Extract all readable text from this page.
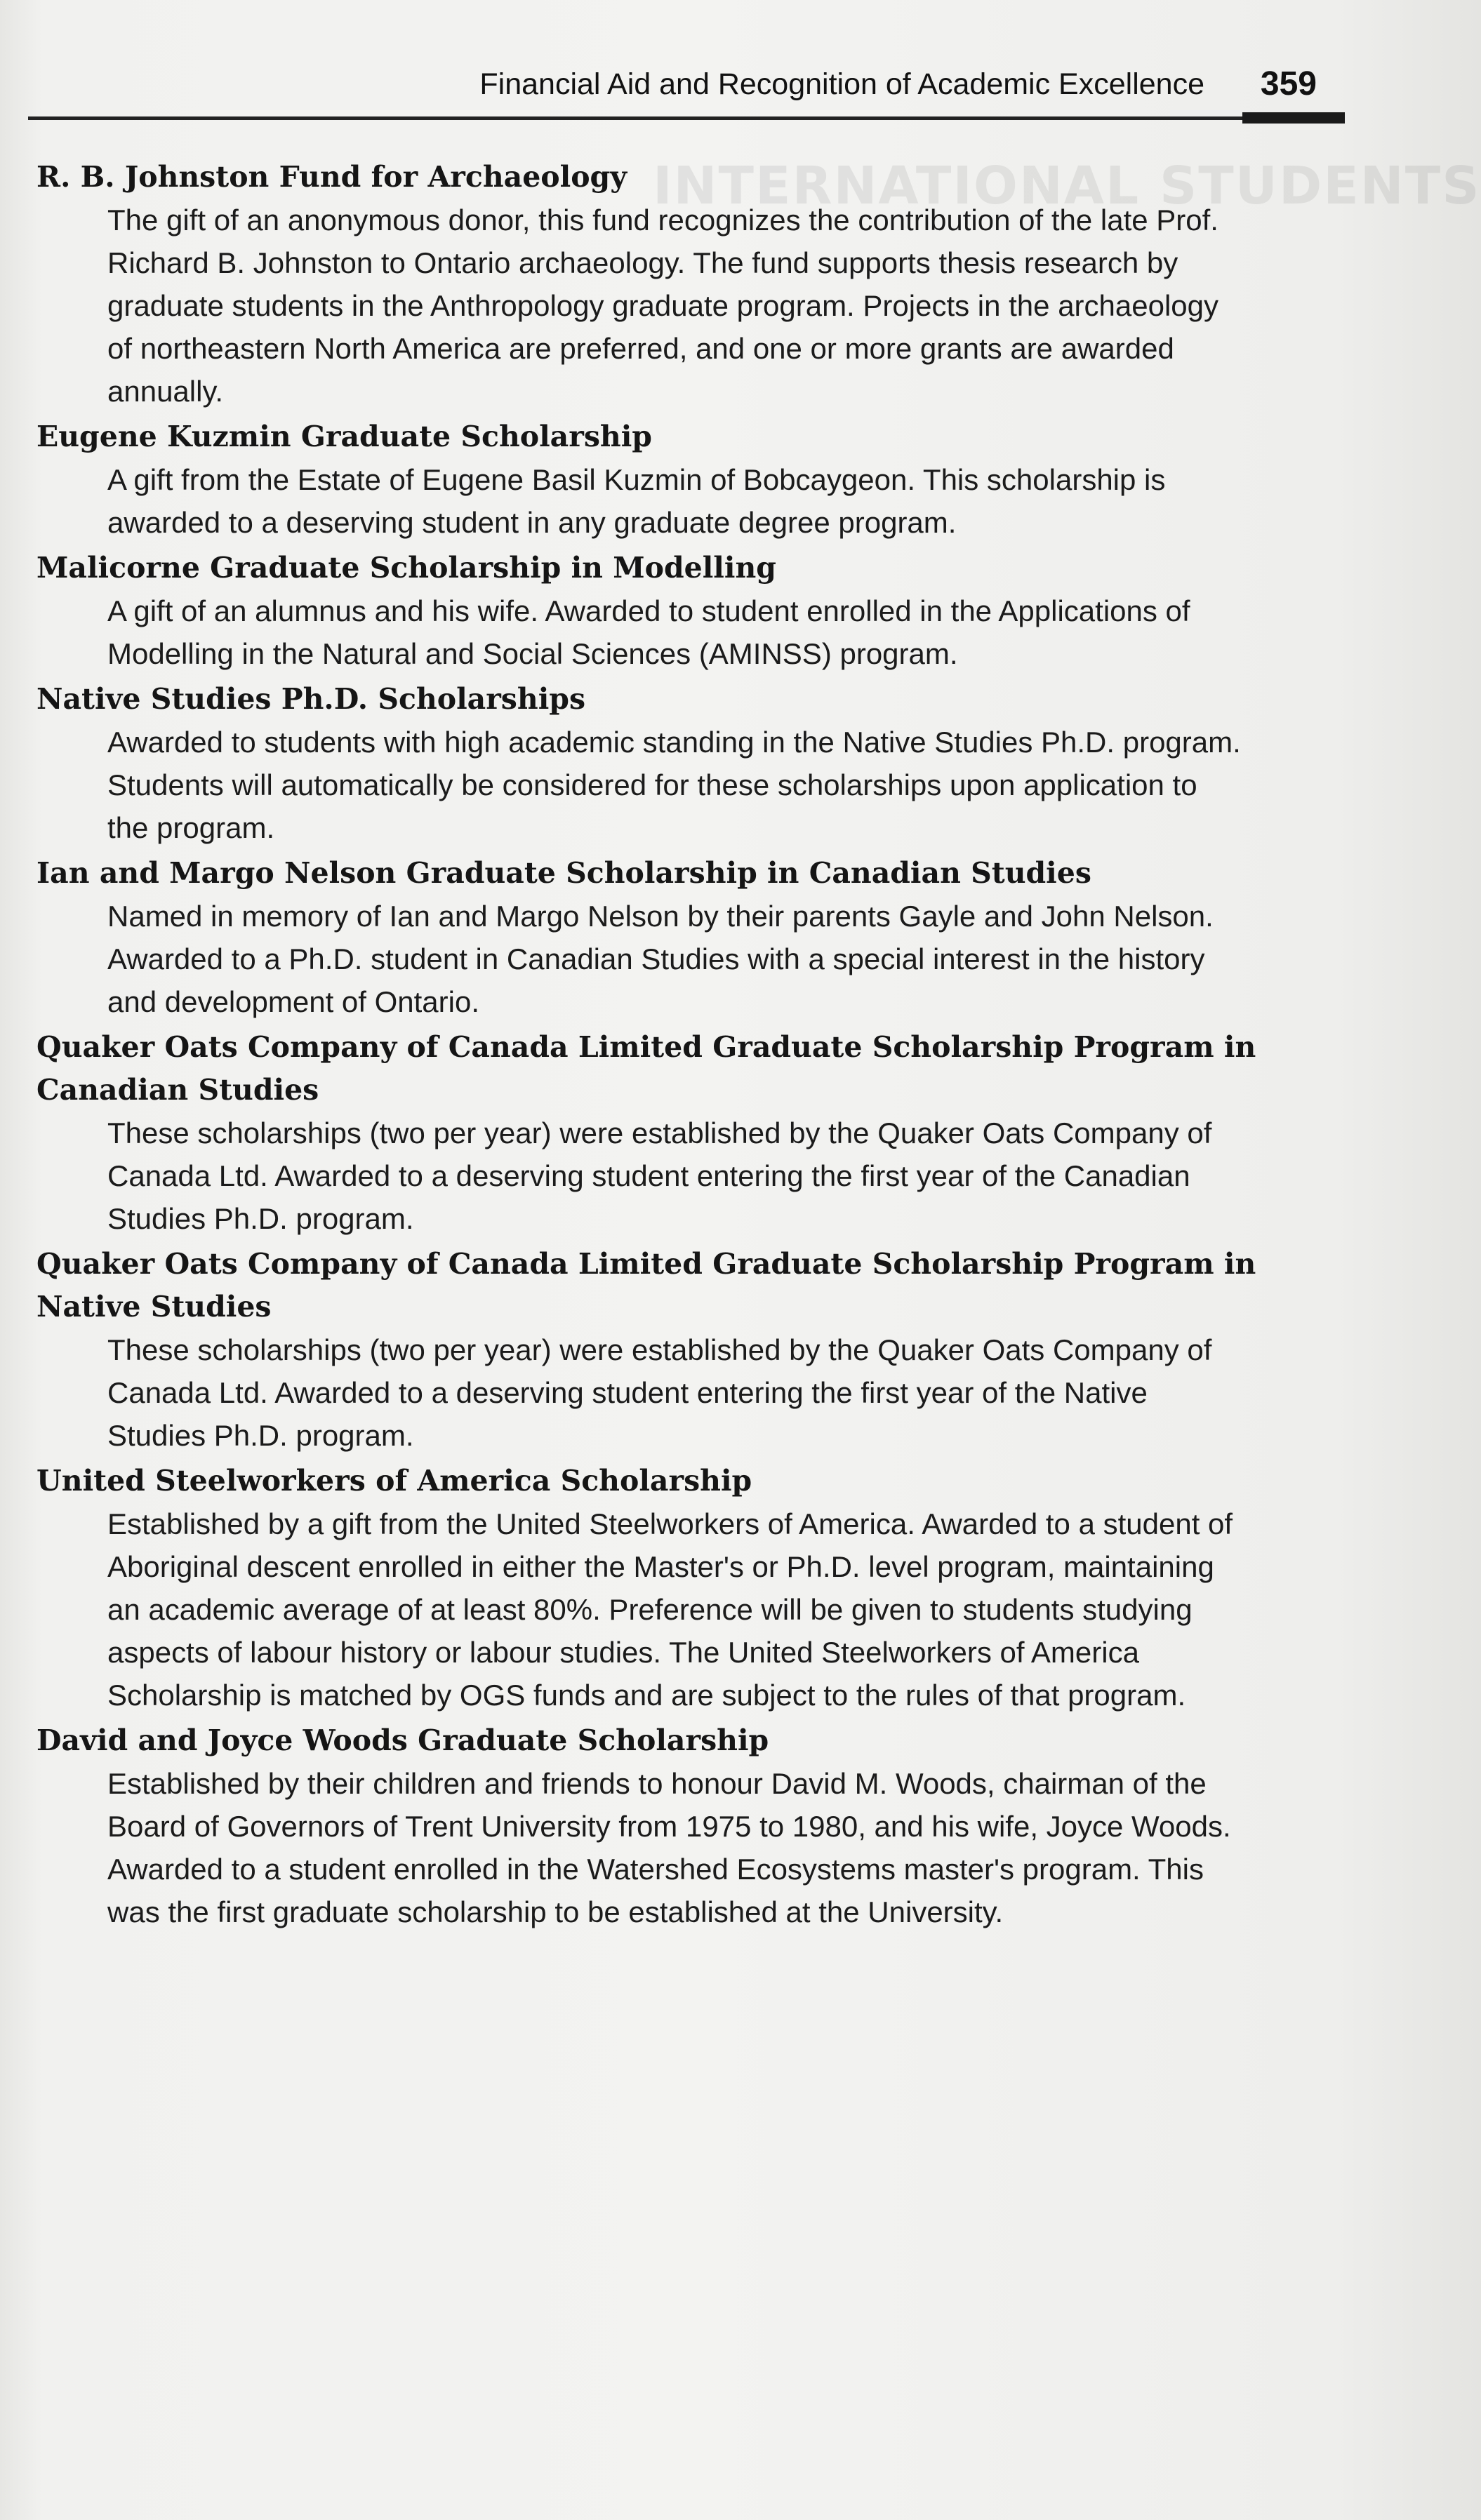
INTERNATIONAL STUDENTS
Financial Aid and Recognition of Academic Excellence 359

R. B. Johnston Fund for Archaeology

The gift of an anonymous donor, this fund recognizes the contribution of the late Prof.
Richard B. Johnston to Ontario archaeology. The fund supports thesis research by
graduate students in the Anthropology graduate program. Projects in the archaeology
of northeastern North America are preferred, and one or more grants are awarded
annually.

Eugene Kuzmin Graduate Scholarship

A gift from the Estate of Eugene Basil Kuzmin of Bobcaygeon. This scholarship is
awarded to a deserving student in any graduate degree program.

Malicorne Graduate Scholarship in Modelling

A gift of an alumnus and his wife. Awarded to student enrolled in the Applications of
Modelling in the Natural and Social Sciences (AMINSS) program.

Native Studies Ph.D. Scholarships

Awarded to students with high academic standing in the Native Studies Ph.D. program.
Students will automatically be considered for these scholarships upon application to
the program.

Ian and Margo Nelson Graduate Scholarship in Canadian Studies

Named in memory of Ian and Margo Nelson by their parents Gayle and John Nelson.
Awarded to a Ph.D. student in Canadian Studies with a special interest in the history
and development of Ontario.

Quaker Oats Company of Canada Limited Graduate Scholarship Program in
Canadian Studies

These scholarships (two per year) were established by the Quaker Oats Company of
Canada Ltd. Awarded to a deserving student entering the first year of the Canadian
Studies Ph.D. program.

Quaker Oats Company of Canada Limited Graduate Scholarship Program in
Native Studies

These scholarships (two per year) were established by the Quaker Oats Company of
Canada Ltd. Awarded to a deserving student entering the first year of the Native
Studies Ph.D. program.

United Steelworkers of America Scholarship

Established by a gift from the United Steelworkers of America. Awarded to a student of
Aboriginal descent enrolled in either the Master's or Ph.D. level program, maintaining
an academic average of at least 80%. Preference will be given to students studying
aspects of labour history or labour studies. The United Steelworkers of America
Scholarship is matched by OGS funds and are subject to the rules of that program.

David and Joyce Woods Graduate Scholarship

Established by their children and friends to honour David M. Woods, chairman of the
Board of Governors of Trent University from 1975 to 1980, and his wife, Joyce Woods.
Awarded to a student enrolled in the Watershed Ecosystems master's program. This
was the first graduate scholarship to be established at the University.
